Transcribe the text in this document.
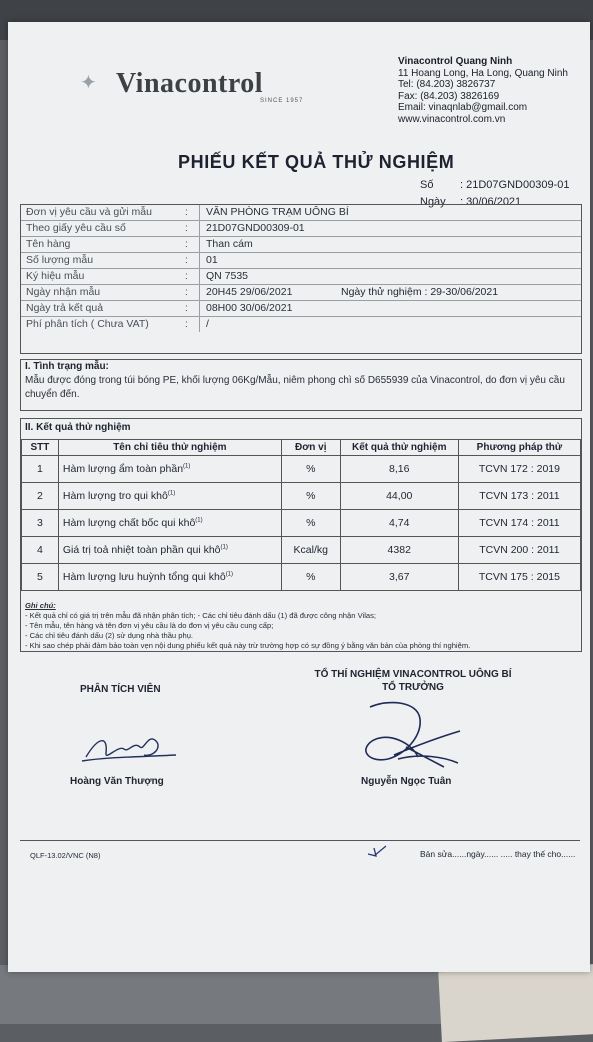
✦ Vinacontrol
SINCE 1957
Vinacontrol Quang Ninh
11 Hoang Long, Ha Long, Quang Ninh
Tel: (84.203) 3826737
Fax: (84.203) 3826169
Email: vinaqnlab@gmail.com
www.vinacontrol.com.vn
PHIẾU KẾT QUẢ THỬ NGHIỆM
Số : 21D07GND00309-01
Ngày : 30/06/2021
Đơn vị yêu cầu và gửi mẫu	: VĂN PHÒNG TRẠM UÔNG BÍ
Theo giấy yêu cầu số	: 21D07GND00309-01
Tên hàng	: Than cám
Số lượng mẫu	: 01
Ký hiệu mẫu	: QN 7535
Ngày nhận mẫu	: 20H45 29/06/2021	Ngày thử nghiệm : 29-30/06/2021
Ngày trả kết quả	: 08H00 30/06/2021
Phí phân tích ( Chưa VAT)	: /
I. Tình trạng mẫu:
Mẫu được đóng trong túi bóng PE, khối lượng 06Kg/Mẫu, niêm phong chì số D655939 của Vinacontrol, do đơn vị yêu cầu chuyển đến.
II. Kết quả thử nghiệm
STT	Tên chỉ tiêu thử nghiệm	Đơn vị	Kết quả thử nghiệm	Phương pháp thử
1	Hàm lượng ẩm toàn phần$^{(1)}$	%	8,16	TCVN 172 : 2019
2	Hàm lượng tro qui khô$^{(1)}$	%	44,00	TCVN 173 : 2011
3	Hàm lượng chất bốc qui khô$^{(1)}$	%	4,74	TCVN 174 : 2011
4	Giá trị toả nhiệt toàn phần qui khô$^{(1)}$	Kcal/kg	4382	TCVN 200 : 2011
5	Hàm lượng lưu huỳnh tổng qui khô$^{(1)}$	%	3,67	TCVN 175 : 2015
Ghi chú:
- Kết quả chỉ có giá trị trên mẫu đã nhận phân tích; - Các chỉ tiêu đánh dấu (1) đã được công nhận Vilas;
- Tên mẫu, tên hàng và tên đơn vị yêu cầu là do đơn vị yêu cầu cung cấp;
- Các chỉ tiêu đánh dấu (2) sử dụng nhà thầu phụ.
- Khi sao chép phải đảm bảo toàn vẹn nội dung phiếu kết quả này trừ trường hợp có sự đồng ý bằng văn bản của phòng thí nghiệm.
PHÂN TÍCH VIÊN
TỔ THÍ NGHIỆM VINACONTROL UÔNG BÍ
TỔ TRƯỞNG
Hoàng Văn Thượng	Nguyễn Ngọc Tuân
QLF-13.02/VNC (N8)	Bản sửa......ngày...... ..... thay thế cho......
